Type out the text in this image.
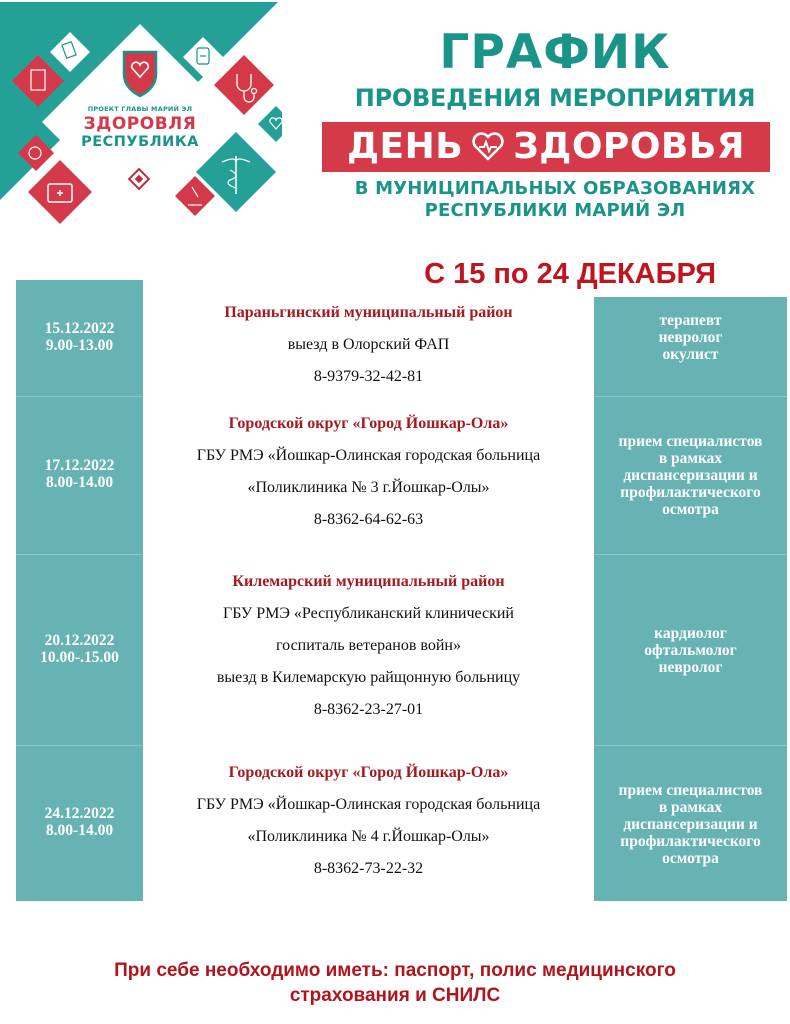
ПРОЕКТ ГЛАВЫ МАРИЙ ЭЛ
ЗДОРОВЛЯ
РЕСПУБЛИКА
ГРАФИК
ПРОВЕДЕНИЯ МЕРОПРИЯТИЯ
ДЕНЬ ЗДОРОВЬЯ
В МУНИЦИПАЛЬНЫХ ОБРАЗОВАНИЯХ
РЕСПУБЛИКИ МАРИЙ ЭЛ
С 15 по 24 ДЕКАБРЯ
15.12.2022
9.00-13.00
Параньгинский муниципальный район
выезд в Олорский ФАП
8-9379-32-42-81
терапевт
невролог
окулист
17.12.2022
8.00-14.00
Городской округ «Город Йошкар-Ола»
ГБУ РМЭ «Йошкар-Олинская городская больница
«Поликлиника № 3 г.Йошкар-Олы»
8-8362-64-62-63
прием специалистов
в рамках
диспансеризации и
профилактического
осмотра
20.12.2022
10.00-.15.00
Килемарский муниципальный район
ГБУ РМЭ «Республиканский клинический
госпиталь ветеранов войн»
выезд в Килемарскую райщонную больницу
8-8362-23-27-01
кардиолог
офтальмолог
невролог
24.12.2022
8.00-14.00
Городской округ «Город Йошкар-Ола»
ГБУ РМЭ «Йошкар-Олинская городская больница
«Поликлиника № 4 г.Йошкар-Олы»
8-8362-73-22-32
прием специалистов
в рамках
диспансеризации и
профилактического
осмотра
При себе необходимо иметь: паспорт, полис медицинского
страхования и СНИЛС
